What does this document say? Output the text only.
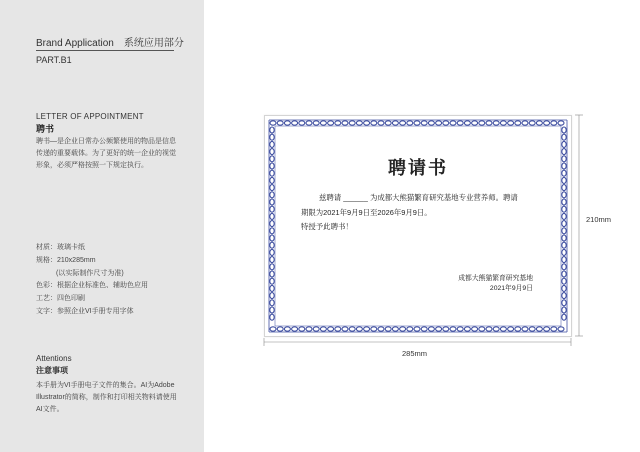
Brand Application 系统应用部分
PART.B1
LETTER OF APPOINTMENT
聘书
聘书—是企业日常办公频繁使用的物品是信息传递的重要载体。为了更好的统一企业的视觉形象，必须严格按照一下规定执行。
材质：玻璃卡纸
规格：210x285mm
(以实际制作尺寸为准)
色彩：根据企业标准色、辅助色应用
工艺：四色印刷
文字：参照企业VI手册专用字体
Attentions
注意事项
本手册为VI手册电子文件的集合。AI为Adobe Illustrator的简称，制作和打印相关物料请使用AI文件。
聘请书
兹聘请 ______ 为成都大熊猫繁育研究基地专业营养师。聘请
期限为2021年9月9日至2026年9月9日。
特授予此聘书！
成都大熊猫繁育研究基地
2021年9月9日
285mm
210mm
